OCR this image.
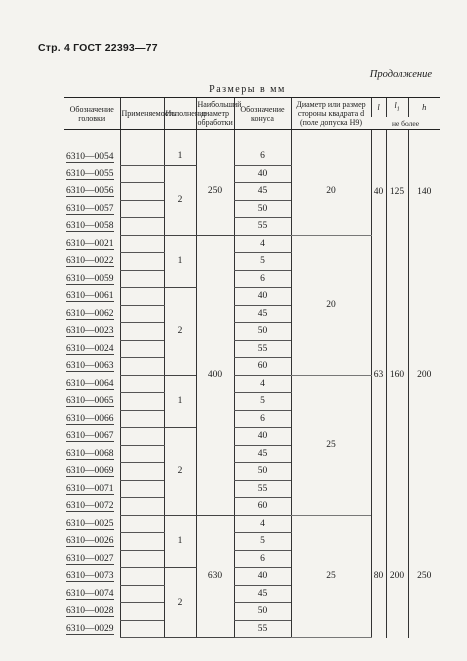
Стр. 4 ГОСТ 22393—77
Продолжение
Размеры в мм
Обозначение головки	Применяемость	Исполнение	Наибольший диаметр обработки	Обозначение конуса	Диаметр или размер стороны квадрата d (поле допуска H9)	l	$l_1$	h
						не более		

6310—0054		1	250	6	20	40	125	140
6310—0055		2		40				
6310—0056				45				
6310—0057				50				
6310—0058				55				
6310—0021		1	400	4	20	63	160	200
6310—0022				5				
6310—0059				6				
6310—0061		2		40				
6310—0062				45				
6310—0023				50				
6310—0024				55				
6310—0063				60				
6310—0064		1		4	25			
6310—0065				5				
6310—0066				6				
6310—0067		2		40				
6310—0068				45				
6310—0069				50				
6310—0071				55				
6310—0072				60				
6310—0025		1	630	4	25	80	200	250
6310—0026				5				
6310—0027				6				
6310—0073		2		40				
6310—0074				45				
6310—0028				50				
6310—0029				55				
